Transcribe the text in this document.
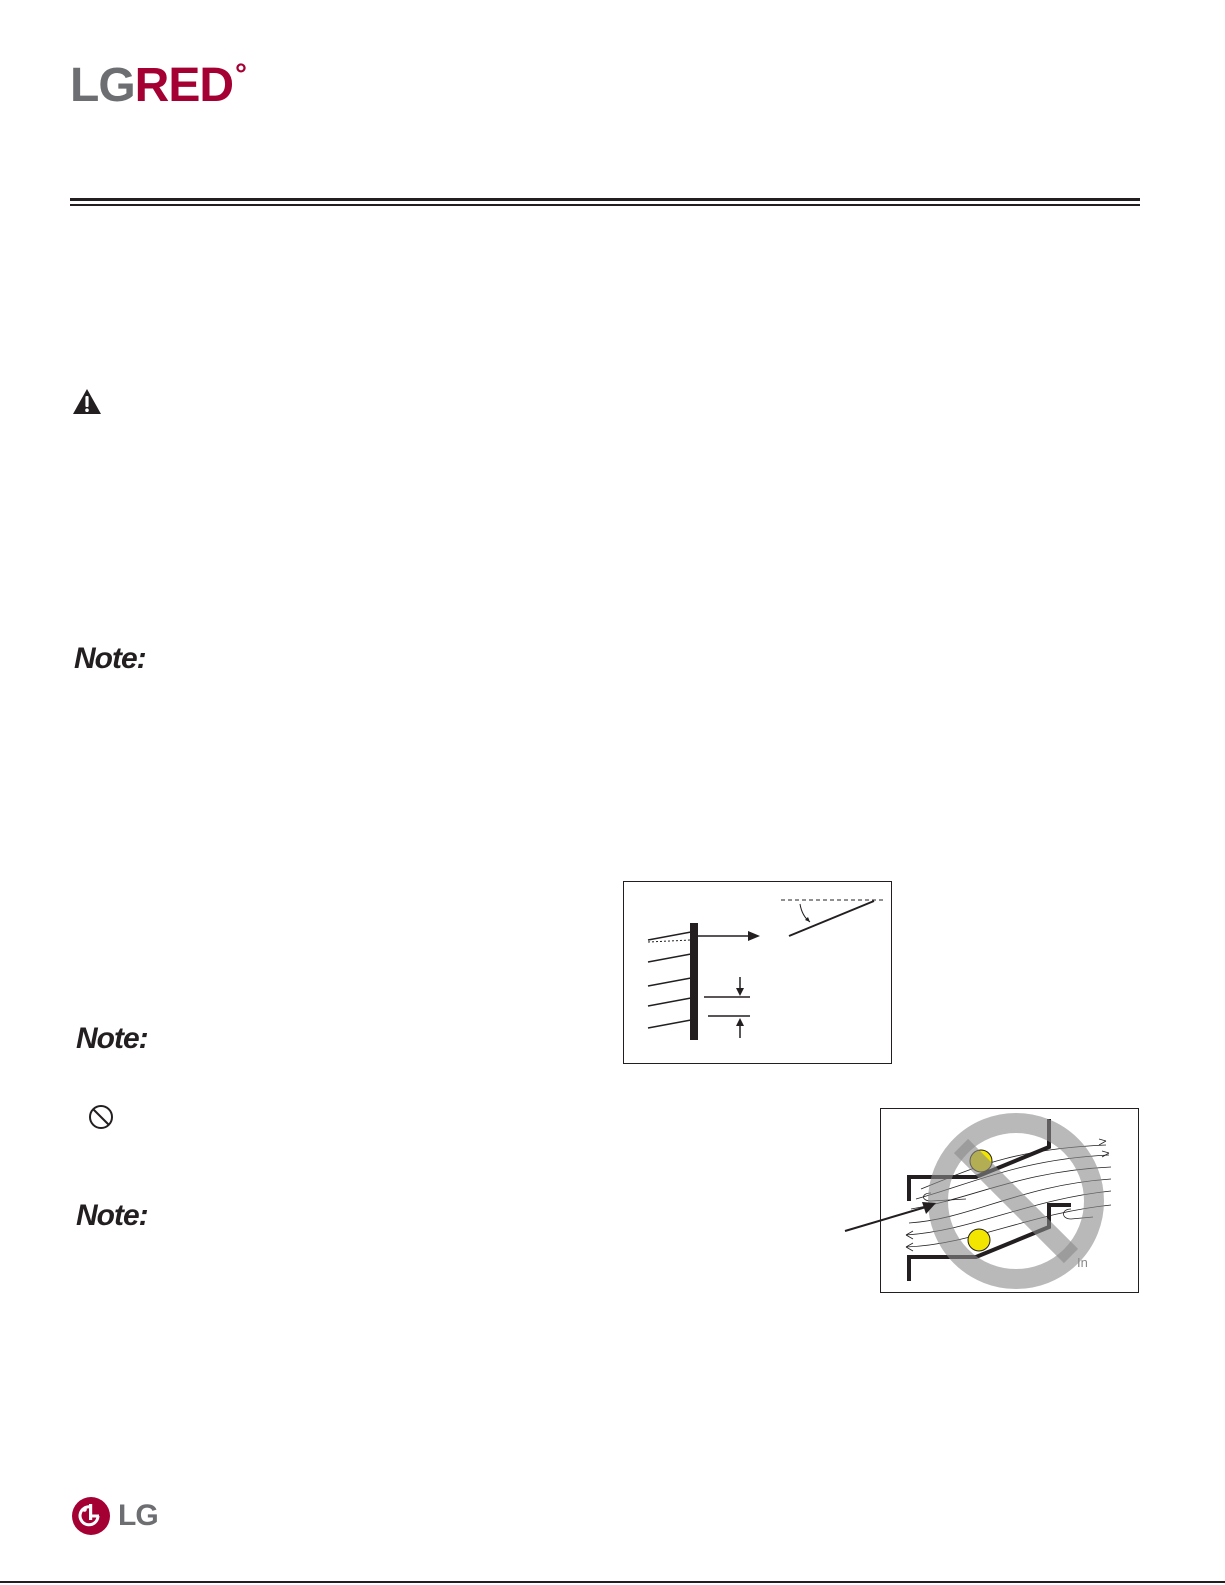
LGRED°
Note:
Note:
Note:
In
LG
